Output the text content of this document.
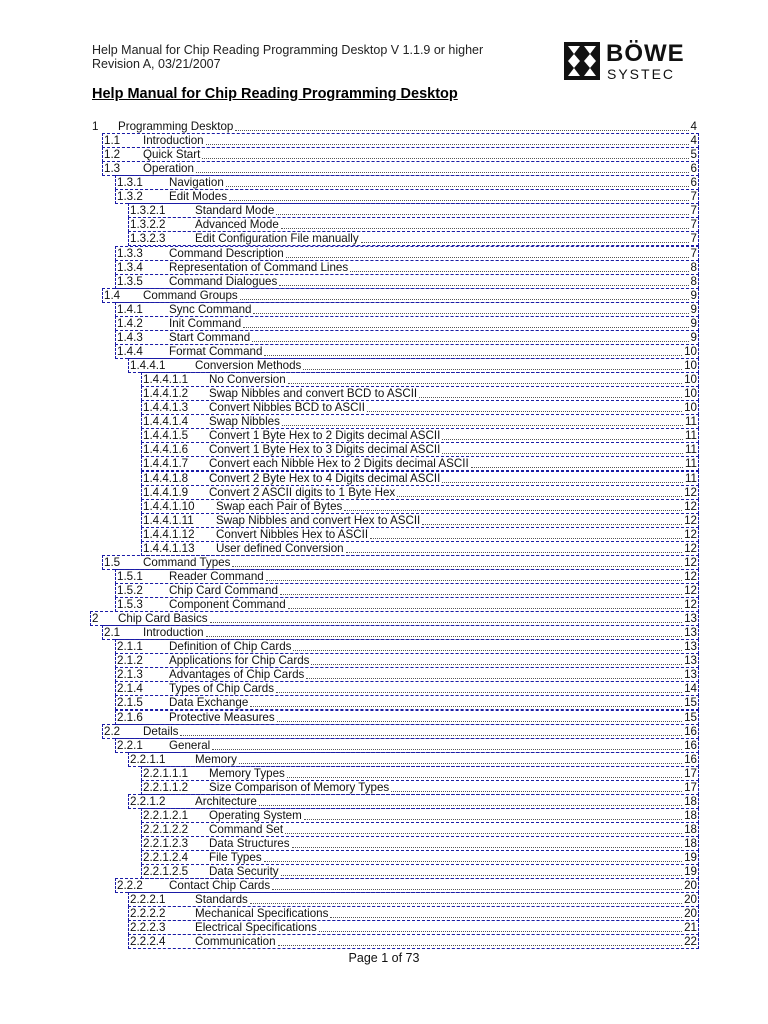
Help Manual for Chip Reading Programming Desktop V 1.1.9 or higher
Revision A, 03/21/2007	BÖWE
SYSTEC
Help Manual for Chip Reading Programming Desktop
1 Programming Desktop	4
1.1 Introduction	4
1.2 Quick Start	5
1.3 Operation	6
1.3.1 Navigation	6
1.3.2 Edit Modes	7
1.3.2.1	Standard Mode	7
1.3.2.2	Advanced Mode	7
1.3.2.3	Edit Configuration File manually	7
1.3.3 Command Description	7
1.3.4 Representation of Command Lines	8
1.3.5 Command Dialogues	8
1.4 Command Groups	9
1.4.1 Sync Command	9
1.4.2 Init Command	9
1.4.3 Start Command	9
1.4.4 Format Command	10
1.4.4.1	Conversion Methods	10
1.4.4.1.1 No Conversion	10
1.4.4.1.2 Swap Nibbles and convert BCD to ASCII	10
1.4.4.1.3 Convert Nibbles BCD to ASCII	10
1.4.4.1.4 Swap Nibbles	11
1.4.4.1.5 Convert 1 Byte Hex to 2 Digits decimal ASCII	11
1.4.4.1.6 Convert 1 Byte Hex to 3 Digits decimal ASCII	11
1.4.4.1.7 Convert each Nibble Hex to 2 Digits decimal ASCII	11
1.4.4.1.8 Convert 2 Byte Hex to 4 Digits decimal ASCII	11
1.4.4.1.9 Convert 2 ASCII digits to 1 Byte Hex	12
1.4.4.1.10 Swap each Pair of Bytes	12
1.4.4.1.11 Swap Nibbles and convert Hex to ASCII	12
1.4.4.1.12 Convert Nibbles Hex to ASCII	12
1.4.4.1.13 User defined Conversion	12
1.5 Command Types	12
1.5.1 Reader Command	12
1.5.2 Chip Card Command	12
1.5.3 Component Command	12
2 Chip Card Basics	13
2.1 Introduction	13
2.1.1 Definition of Chip Cards	13
2.1.2 Applications for Chip Cards	13
2.1.3 Advantages of Chip Cards	13
2.1.4 Types of Chip Cards	14
2.1.5 Data Exchange	15
2.1.6 Protective Measures	15
2.2 Details	16
2.2.1 General	16
2.2.1.1	Memory	16
2.2.1.1.1 Memory Types	17
2.2.1.1.2 Size Comparison of Memory Types	17
2.2.1.2	Architecture	18
2.2.1.2.1 Operating System	18
2.2.1.2.2 Command Set	18
2.2.1.2.3 Data Structures	18
2.2.1.2.4 File Types	19
2.2.1.2.5 Data Security	19
2.2.2 Contact Chip Cards	20
2.2.2.1	Standards	20
2.2.2.2	Mechanical Specifications	20
2.2.2.3	Electrical Specifications	21
2.2.2.4	Communication	22
Page 1 of 73
